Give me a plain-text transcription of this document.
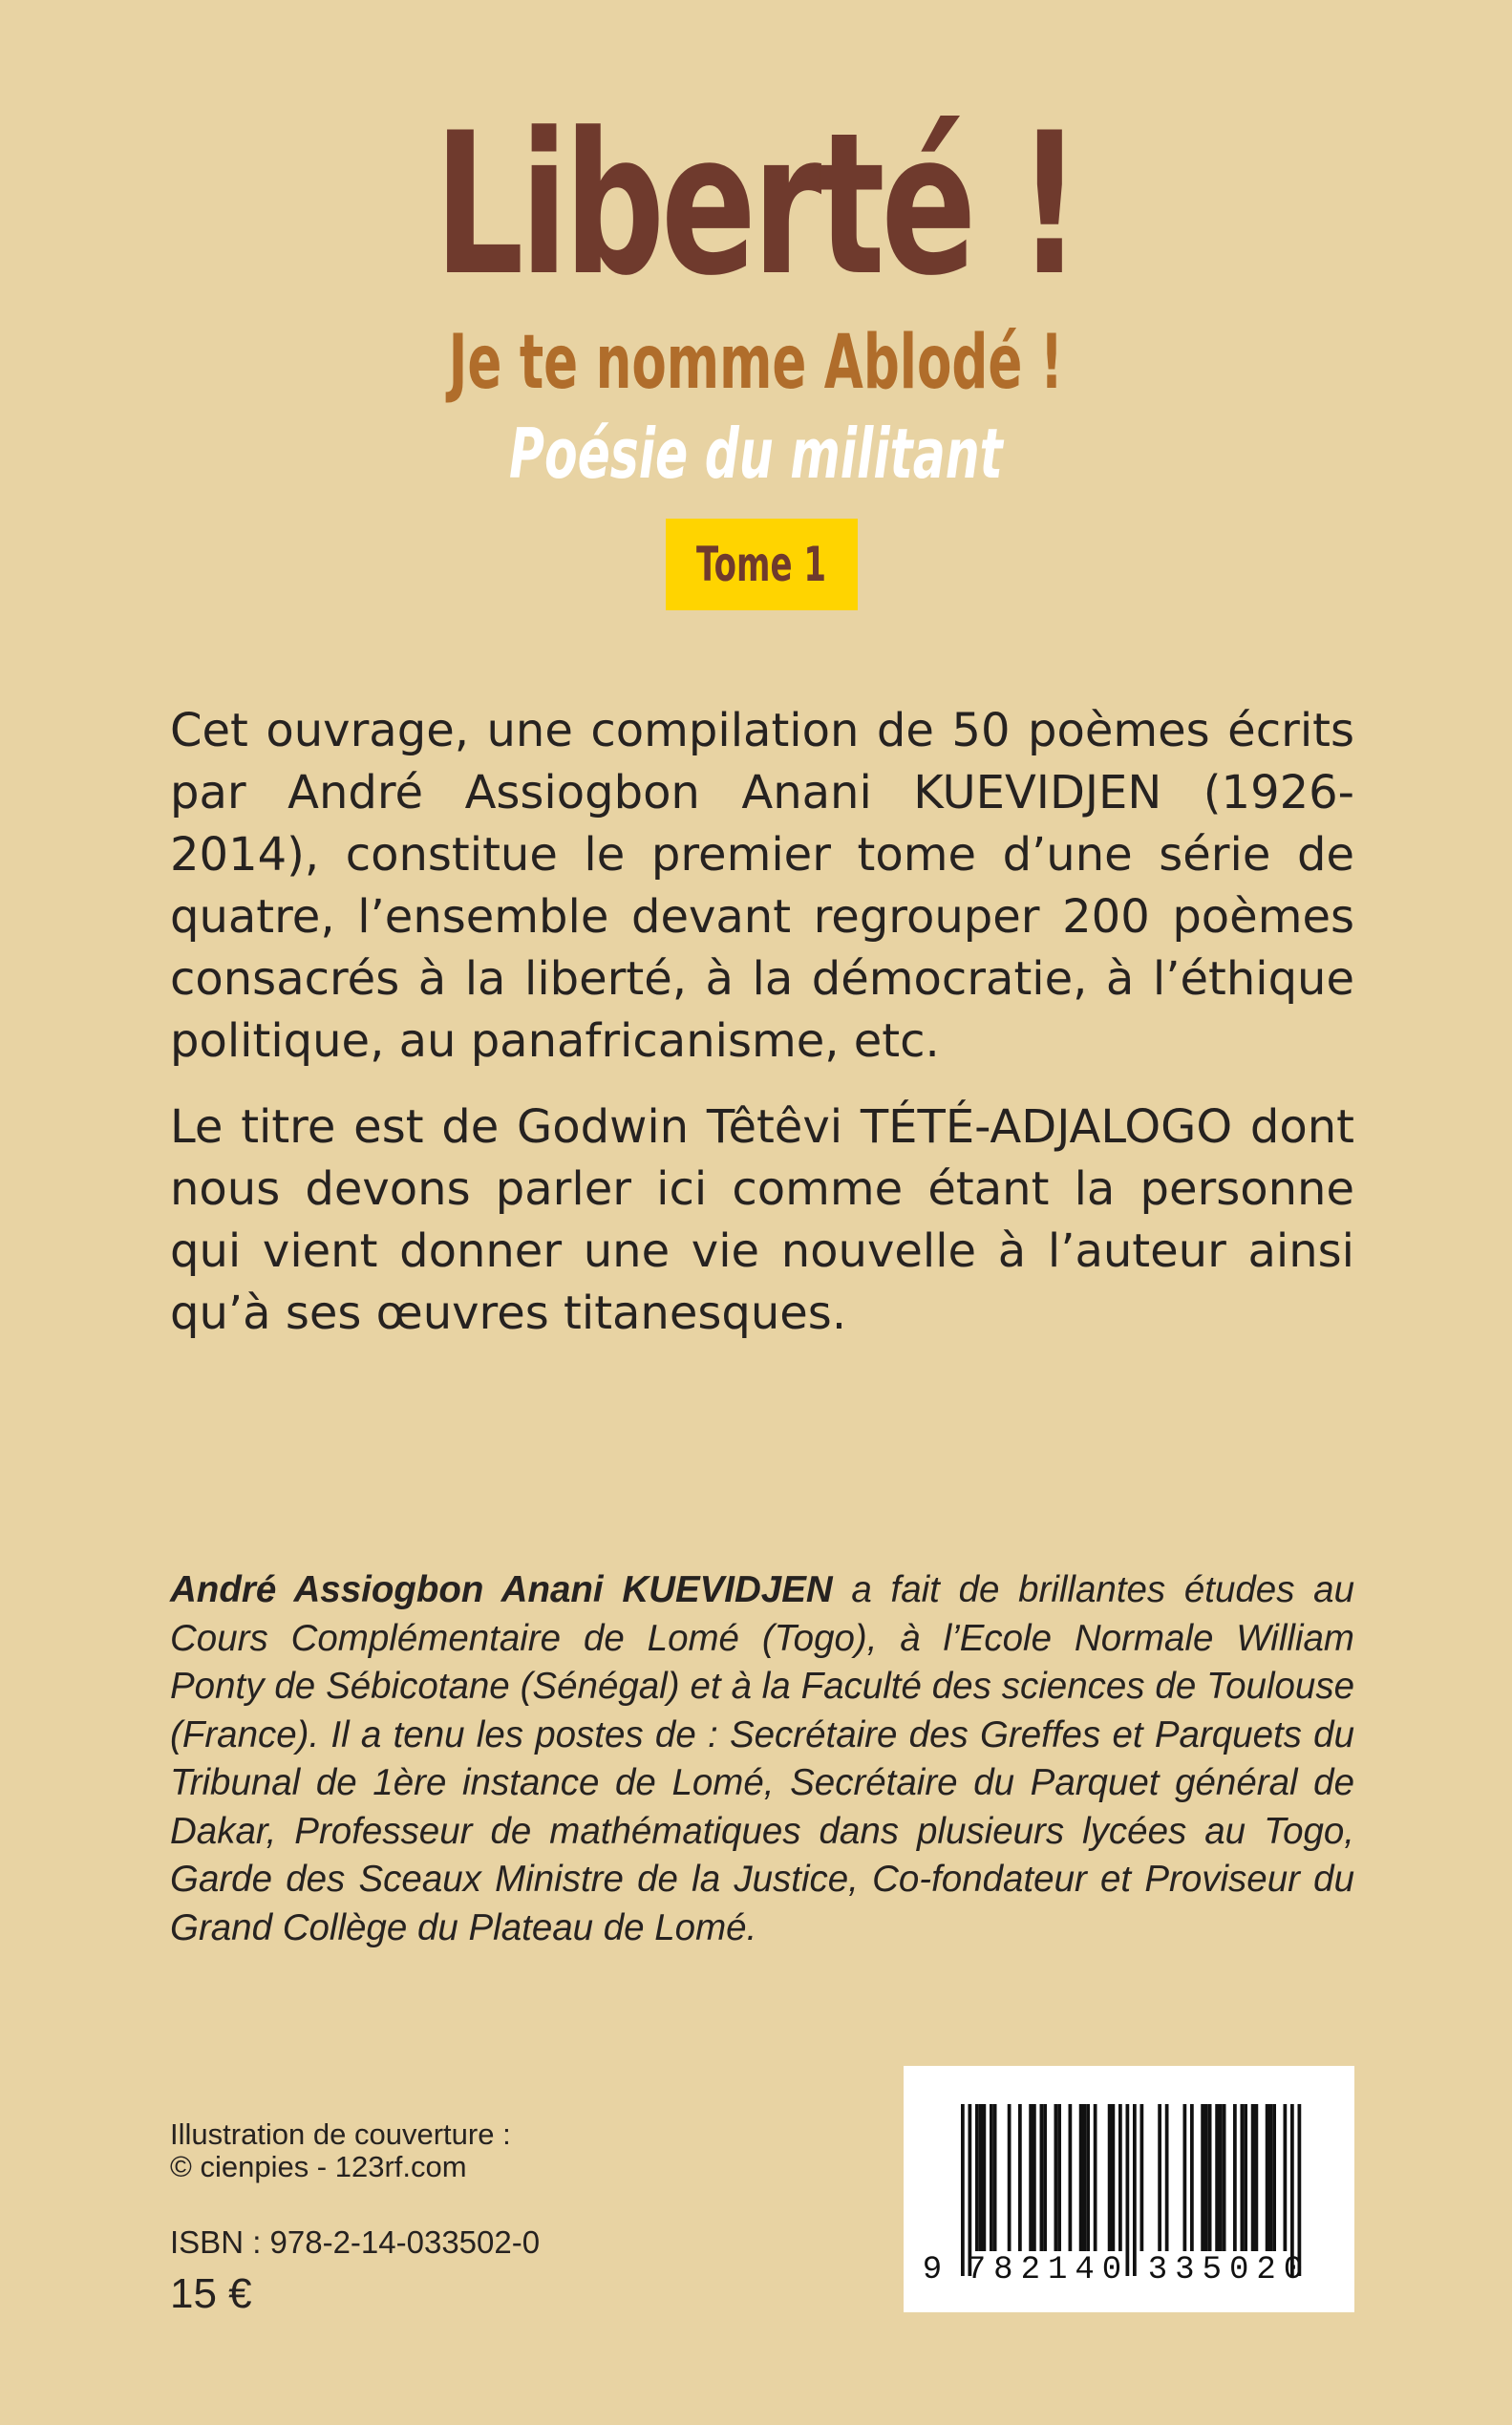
Liberté !
Je te nomme Ablodé !
Poésie du militant
Tome 1

Cet ouvrage, une compilation de 50 poèmes écrits par André Assiogbon Anani KUEVIDJEN (1926-2014), constitue le premier tome d’une série de quatre, l’ensemble devant regrouper 200 poèmes consacrés à la liberté, à la démocratie, à l’éthique politique, au panafricanisme, etc.

Le titre est de Godwin Têtêvi TÉTÉ-ADJALOGO dont nous devons parler ici comme étant la personne qui vient donner une vie nouvelle à l’auteur ainsi qu’à ses œuvres titanesques.

André Assiogbon Anani KUEVIDJEN a fait de brillantes études au Cours Complémentaire de Lomé (Togo), à l’Ecole Normale William Ponty de Sébicotane (Sénégal) et à la Faculté des sciences de Toulouse (France). Il a tenu les postes de : Secrétaire des Greffes et Parquets du Tribunal de 1ère instance de Lomé, Secrétaire du Parquet général de Dakar, Professeur de mathématiques dans plusieurs lycées au Togo, Garde des Sceaux Ministre de la Justice, Co-fondateur et Proviseur du Grand Collège du Plateau de Lomé.
Illustration de couverture :
© cienpies - 123rf.com
ISBN : 978-2-14-033502-0
15 €	9 782140 335020
